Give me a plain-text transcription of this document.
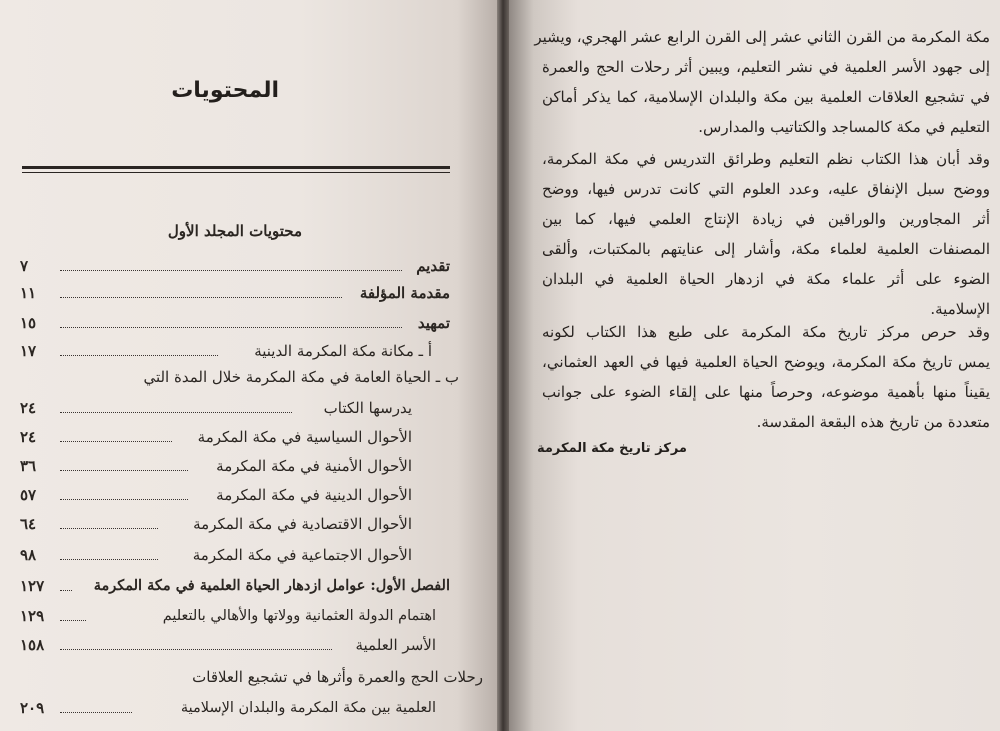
المحتويات
محتويات المجلد الأول
تقديم
٧
مقدمة المؤلفة
١١
تمهيد
١٥
أ ـ مكانة مكة المكرمة الدينية
١٧
ب ـ الحياة العامة في مكة المكرمة خلال المدة التي
يدرسها الكتاب
٢٤
الأحوال السياسية في مكة المكرمة
٢٤
الأحوال الأمنية في مكة المكرمة
٣٦
الأحوال الدينية في مكة المكرمة
٥٧
الأحوال الاقتصادية في مكة المكرمة
٦٤
الأحوال الاجتماعية في مكة المكرمة
٩٨
الفصل الأول: عوامل ازدهار الحياة العلمية في مكة المكرمة
١٢٧
اهتمام الدولة العثمانية وولاتها والأهالي بالتعليم
١٢٩
الأسر العلمية
١٥٨
رحلات الحج والعمرة وأثرها في تشجيع العلاقات
العلمية بين مكة المكرمة والبلدان الإسلامية
٢٠٩
مكة المكرمة من القرن الثاني عشر إلى القرن الرابع عشر الهجري، ويشير
إلى جهود الأسر العلمية في نشر التعليم، ويبين أثر رحلات الحج والعمرة
في تشجيع العلاقات العلمية بين مكة والبلدان الإسلامية، كما يذكر أماكن
التعليم في مكة كالمساجد والكتاتيب والمدارس.
وقد أبان هذا الكتاب نظم التعليم وطرائق التدريس في مكة المكرمة،
ووضح سبل الإنفاق عليه، وعدد العلوم التي كانت تدرس فيها، ووضح
أثر المجاورين والوراقين في زيادة الإنتاج العلمي فيها، كما بين
المصنفات العلمية لعلماء مكة، وأشار إلى عنايتهم بالمكتبات، وألقى
الضوء على أثر علماء مكة في ازدهار الحياة العلمية في البلدان
الإسلامية.
وقد حرص مركز تاريخ مكة المكرمة على طبع هذا الكتاب لكونه
يمس تاريخ مكة المكرمة، ويوضح الحياة العلمية فيها في العهد العثماني،
يقيناً منها بأهمية موضوعه، وحرصاً منها على إلقاء الضوء على جوانب
متعددة من تاريخ هذه البقعة المقدسة.
مركز تاريخ مكة المكرمة
